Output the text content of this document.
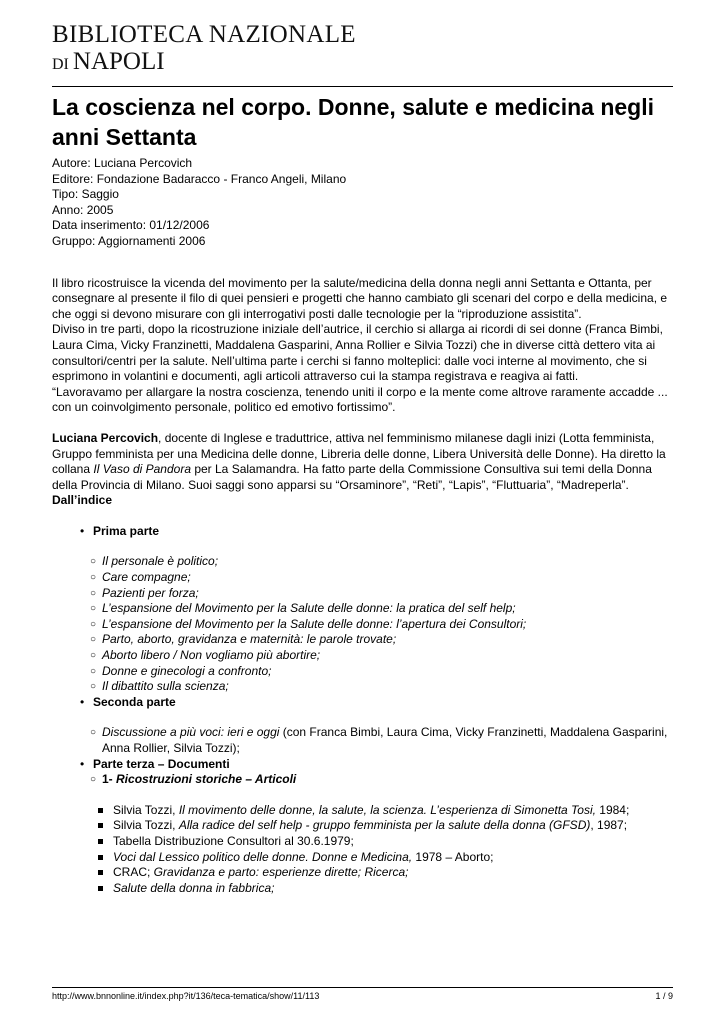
BIBLIOTECA NAZIONALE
DI NAPOLI
La coscienza nel corpo. Donne, salute e medicina negli anni Settanta
Autore: Luciana Percovich
Editore: Fondazione Badaracco - Franco Angeli, Milano
Tipo: Saggio
Anno: 2005
Data inserimento: 01/12/2006
Gruppo: Aggiornamenti 2006

Il libro ricostruisce la vicenda del movimento per la salute/medicina della donna negli anni Settanta e Ottanta, per consegnare al presente il filo di quei pensieri e progetti che hanno cambiato gli scenari del corpo e della medicina, e che oggi si devono misurare con gli interrogativi posti dalle tecnologie per la “riproduzione assistita”.

Diviso in tre parti, dopo la ricostruzione iniziale dell’autrice, il cerchio si allarga ai ricordi di sei donne (Franca Bimbi, Laura Cima, Vicky Franzinetti, Maddalena Gasparini, Anna Rollier e Silvia Tozzi) che in diverse città dettero vita ai consultori/centri per la salute. Nell’ultima parte i cerchi si fanno molteplici: dalle voci interne al movimento, che si esprimono in volantini e documenti, agli articoli attraverso cui la stampa registrava e reagiva ai fatti.

“Lavoravamo per allargare la nostra coscienza, tenendo uniti il corpo e la mente come altrove raramente accadde ... con un coinvolgimento personale, politico ed emotivo fortissimo”.

Luciana Percovich, docente di Inglese e traduttrice, attiva nel femminismo milanese dagli inizi (Lotta femminista, Gruppo femminista per una Medicina delle donne, Libreria delle donne, Libera Università delle Donne). Ha diretto la collana Il Vaso di Pandora per La Salamandra. Ha fatto parte della Commissione Consultiva sui temi della Donna della Provincia di Milano. Suoi saggi sono apparsi su “Orsaminore”, “Reti”, “Lapis”, “Fluttuaria”, “Madreperla”.

Dall’indice

• Prima parte
○ Il personale è politico;
○ Care compagne;
○ Pazienti per forza;
○ L’espansione del Movimento per la Salute delle donne: la pratica del self help;
○ L’espansione del Movimento per la Salute delle donne: l’apertura dei Consultori;
○ Parto, aborto, gravidanza e maternità: le parole trovate;
○ Aborto libero / Non vogliamo più abortire;
○ Donne e ginecologi a confronto;
○ Il dibattito sulla scienza;
• Seconda parte
○ Discussione a più voci: ieri e oggi (con Franca Bimbi, Laura Cima, Vicky Franzinetti, Maddalena Gasparini, Anna Rollier, Silvia Tozzi);
• Parte terza – Documenti
○ 1- Ricostruzioni storiche – Articoli
Silvia Tozzi, Il movimento delle donne, la salute, la scienza. L’esperienza di Simonetta Tosi, 1984;
Silvia Tozzi, Alla radice del self help - gruppo femminista per la salute della donna (GFSD), 1987;
Tabella Distribuzione Consultori al 30.6.1979;
Voci dal Lessico politico delle donne. Donne e Medicina, 1978 – Aborto;
CRAC; Gravidanza e parto: esperienze dirette; Ricerca;
Salute della donna in fabbrica;
http://www.bnnonline.it/index.php?it/136/teca-tematica/show/11/113	1 / 9
